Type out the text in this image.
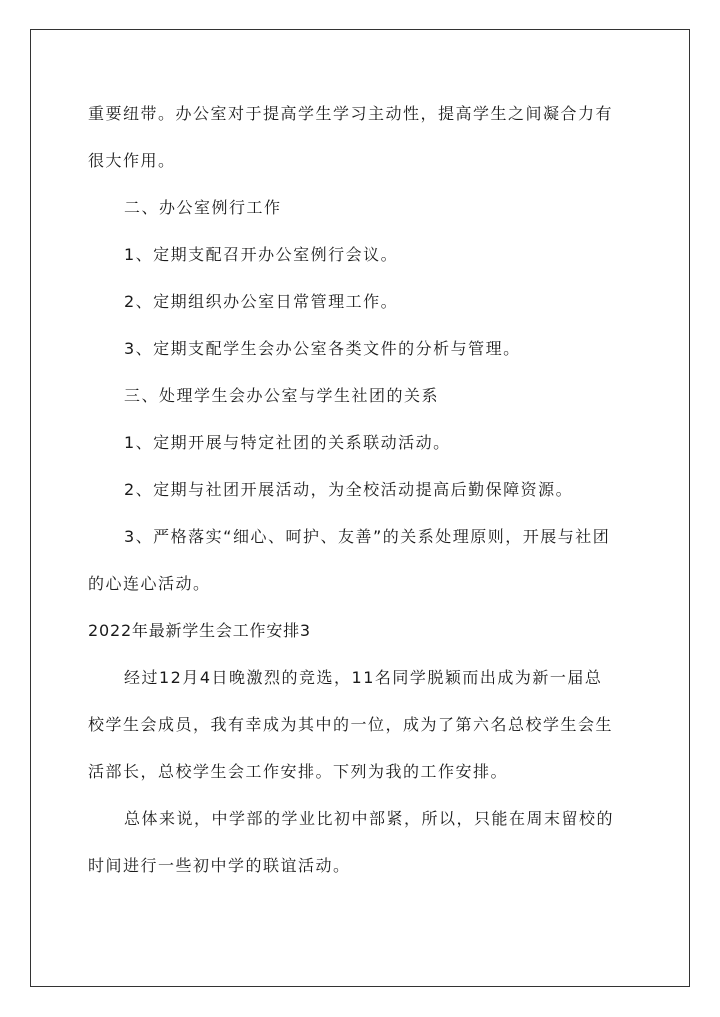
重要纽带。办公室对于提高学生学习主动性，提高学生之间凝合力有
很大作用。
二、办公室例行工作
1、定期支配召开办公室例行会议。
2、定期组织办公室日常管理工作。
3、定期支配学生会办公室各类文件的分析与管理。
三、处理学生会办公室与学生社团的关系
1、定期开展与特定社团的关系联动活动。
2、定期与社团开展活动，为全校活动提高后勤保障资源。
3、严格落实“细心、呵护、友善”的关系处理原则，开展与社团
的心连心活动。
2022年最新学生会工作安排3
经过12月4日晚激烈的竞选，11名同学脱颖而出成为新一届总
校学生会成员，我有幸成为其中的一位，成为了第六名总校学生会生
活部长，总校学生会工作安排。下列为我的工作安排。
总体来说，中学部的学业比初中部紧，所以，只能在周末留校的
时间进行一些初中学的联谊活动。
